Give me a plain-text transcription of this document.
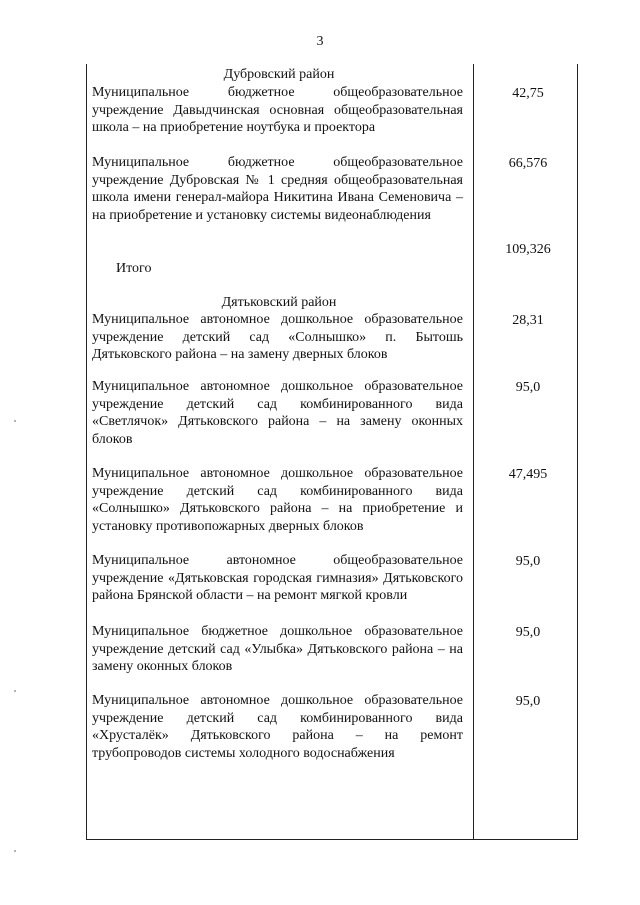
3
Дубровский район
Муниципальное бюджетное общеобразовательное учреждение Давыдчинская основная общеобразовательная школа – на приобретение ноутбука и проектора
42,75
Муниципальное бюджетное общеобразовательное учреждение Дубровская № 1 средняя общеобразовательная школа имени генерал-майора Никитина Ивана Семеновича – на приобретение и установку системы видеонаблюдения
66,576
109,326
Итого
Дятьковский район
Муниципальное автономное дошкольное образовательное учреждение детский сад «Солнышко» п. Бытошь Дятьковского района – на замену дверных блоков
28,31
Муниципальное автономное дошкольное образовательное учреждение детский сад комбинированного вида «Светлячок» Дятьковского района – на замену оконных блоков
95,0
Муниципальное автономное дошкольное образовательное учреждение детский сад комбинированного вида «Солнышко» Дятьковского района – на приобретение и установку противопожарных дверных блоков
47,495
Муниципальное автономное общеобразовательное учреждение «Дятьковская городская гимназия» Дятьковского района Брянской области – на ремонт мягкой кровли
95,0
Муниципальное бюджетное дошкольное образовательное учреждение детский сад «Улыбка» Дятьковского района – на замену оконных блоков
95,0
Муниципальное автономное дошкольное образовательное учреждение детский сад комбинированного вида «Хрусталёк» Дятьковского района – на ремонт трубопроводов системы холодного водоснабжения
95,0
